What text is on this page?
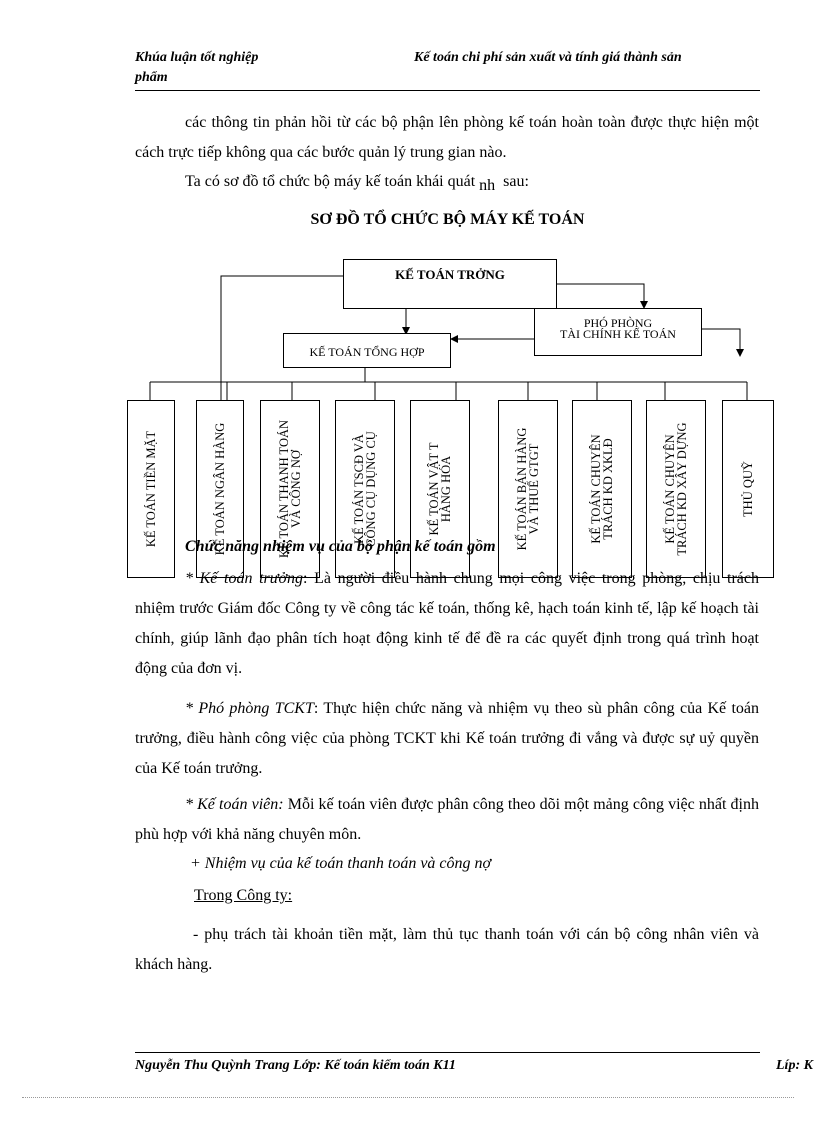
Khúa luận tốt nghiệp
phẩm
Kế toán chi phí sản xuất và tính giá thành sản
các thông tin phản hồi từ các bộ phận lên phòng kế toán hoàn toàn được thực hiện một cách trực tiếp không qua các bước quản lý trung gian nào.
Ta có sơ đồ tổ chức bộ máy kế toán khái quát nh sau:
SƠ ĐỒ TỔ CHỨC BỘ MÁY KẾ TOÁN
KẾ TOÁN TRỞNG
PHÓ PHÒNG
TÀI CHÍNH KẾ TOÁN
KẾ TOÁN TỔNG HỢP
KẾ TOÁN TIỀN MẶT	KẾ TOÁN NGÂN HÀNG	KẾ TOÁN THANH TOÁN
VÀ CÔNG NỢ	KẾ TOÁN TSCĐ VÀ
CÔNG CỤ DỤNG CỤ	KẾ TOÁN VẬT T
HÀNG HÓA	KẾ TOÁN BÁN HÀNG
VÀ THUẾ GTGT	KẾ TOÁN CHUYÊN
TRÁCH KD XKLĐ	KẾ TOÁN CHUYÊN
TRÁCH KD XÂY DỰNG	THỦ QUỸ
Chức năng nhiệm vụ của bộ phận kế toán gồm
* Kế toán trưởng: Là người điều hành chung mọi công việc trong phòng, chịu trách nhiệm trước Giám đốc Công ty về công tác kế toán, thống kê, hạch toán kinh tế, lập kế hoạch tài chính, giúp lãnh đạo phân tích hoạt động kinh tế để đề ra các quyết định trong quá trình hoạt động của đơn vị.
* Phó phòng TCKT: Thực hiện chức năng và nhiệm vụ theo sù phân công của Kế toán trưởng, điều hành công việc của phòng TCKT khi Kế toán trưởng đi vắng và được sự uỷ quyền của Kế toán trưởng.
* Kế toán viên: Mỗi kế toán viên được phân công theo dõi một mảng công việc nhất định phù hợp với khả năng chuyên môn.
+ Nhiệm vụ của kế toán thanh toán và công nợ
Trong Công ty:
- phụ trách tài khoản tiền mặt, làm thủ tục thanh toán với cán bộ công nhân viên và khách hàng.
Nguyễn Thu Quỳnh Trang Lớp: Kế toán kiểm toán K11	Líp: K
